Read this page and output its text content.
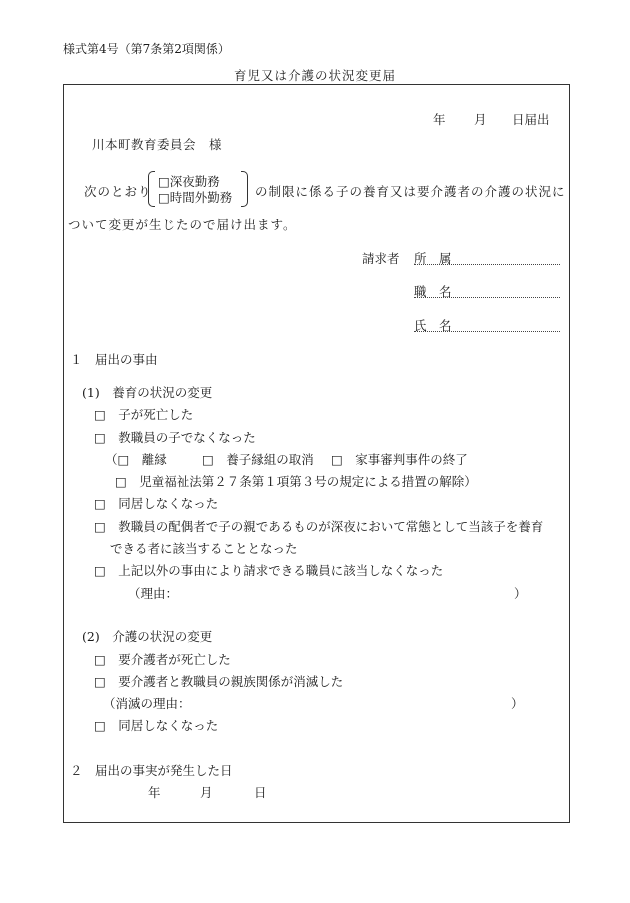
様式第4号（第7条第2項関係）
育児又は介護の状況変更届
年 月 日届出
川本町教育委員会　様
次のとおり
□深夜勤務
□時間外勤務 の制限に係る子の養育又は要介護者の介護の状況に
ついて変更が生じたので届け出ます。
請求者 所　属
職　名
氏　名
１　届出の事由
(1)　養育の状況の変更
□　子が死亡した
□　教職員の子でなくなった
（□　離縁	□　養子縁組の取消 □　家事審判事件の終了
□　児童福祉法第２７条第１項第３号の規定による措置の解除）
□　同居しなくなった
□　教職員の配偶者で子の親であるものが深夜において常態として当該子を養育
できる者に該当することとなった
□　上記以外の事由により請求できる職員に該当しなくなった
（理由：	）
(2)　介護の状況の変更
□　要介護者が死亡した
□　要介護者と教職員の親族関係が消滅した
（消滅の理由：	）
□　同居しなくなった
２　届出の事実が発生した日
年	月	日
